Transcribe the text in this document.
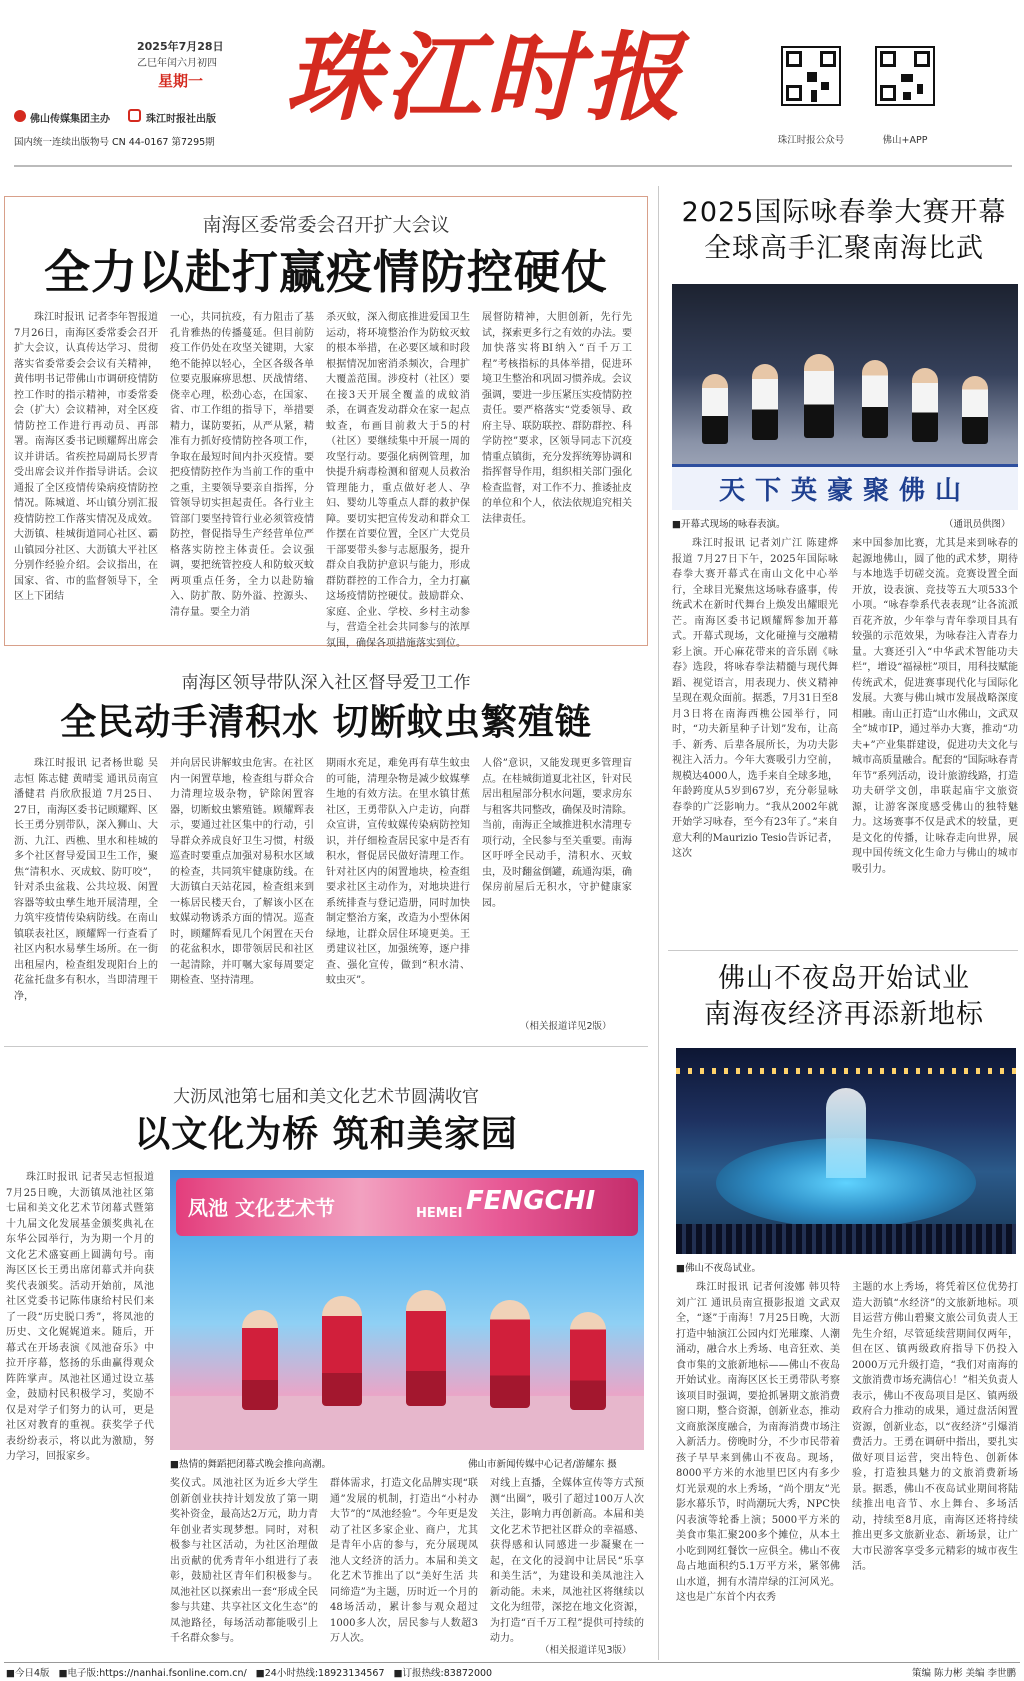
2025年7月28日
乙巳年闰六月初四
星期一
佛山传媒集团主办	珠江时报社出版
国内统一连续出版物号 CN 44-0167 第7295期
珠江时报
珠江时报公众号	佛山+APP
南海区委常委会召开扩大会议
全力以赴打赢疫情防控硬仗

珠江时报讯 记者李年智报道 7月26日，南海区委常委会召开扩大会议，认真传达学习、贯彻落实省委常委会会议有关精神，黄伟明书记带佛山市调研疫情防控工作时的指示精神，市委常委会（扩大）会议精神，对全区疫情防控工作进行再动员、再部署。南海区委书记顾耀辉出席会议并讲话。省疾控局副局长罗青受出席会议并作指导讲话。会议通报了全区疫情传染病疫情防控情况。陈城道、坏山镇分别汇报疫情防控工作落实情况及成效。大沥镇、桂城街道同心社区、霸山镇园分社区、大沥镇大平社区分别作经验介绍。会议指出，在国家、省、市的监督领导下，全区上下团结

一心，共同抗疫，有力阻击了基孔肯雅热的传播蔓延。但目前防疫工作仍处在攻坚关键期，大家绝不能掉以轻心，全区各级各单位要克服麻痹思想、厌战情绪、侥幸心理，松劲心态，在国家、省、市工作组的指导下，举措要精力，谋防要拓，从严从紧，精准有力抓好疫情防控各项工作，争取在最短时间内扑灭疫情。要把疫情防控作为当前工作的重中之重，主要领导要亲自指挥，分管领导切实担起责任。各行业主管部门要坚持管行业必须管疫情防控，督促指导生产经营单位严格落实防控主体责任。会议强调，要把统管控疫人和防蚊灭蚊两项重点任务，全力以赴防输入、防扩散、防外溢、控源头、清存量。要全力消

杀灭蚊，深入彻底推进爱国卫生运动，将环境整治作为防蚊灭蚊的根本举措，在必要区域和时段根据情况加密消杀频次，合理扩大覆盖范围。涉疫村（社区）要在接3天开展全覆盖的成蚊消杀，在调查发动群众在家一起点蚊查，布画目前救大于5的村（社区）要继续集中开展一周的攻坚行动。要强化病例管理，加快提升病毒检测和留观人员救治管理能力，重点做好老人、孕妇、婴幼儿等重点人群的救护保障。要切实把宣传发动和群众工作摆在首要位置，全区广大党员干部要带头参与志愿服务，提升群众自我防护意识与能力，形成群防群控的工作合力，全力打赢这场疫情防控硬仗。鼓励群众、家庭、企业、学校、乡村主动参与，营造全社会共同参与的浓厚氛围，确保各项措施落实到位。

展督防精神，大胆创新，先行先试，探索更多行之有效的办法。要加快落实将BI纳入“百千万工程”考核指标的具体举措，促进环境卫生整治和巩固习惯养成。会议强调，要进一步压紧压实疫情防控责任。要严格落实“党委领导、政府主导、联防联控、群防群控、科学防控”要求，区领导同志下沉疫情重点镇街，充分发挥统筹协调和指挥督导作用，组织相关部门强化检查监督，对工作不力、推诿扯皮的单位和个人，依法依规追究相关法律责任。

南海区领导带队深入社区督导爱卫工作
全民动手清积水 切断蚊虫繁殖链

珠江时报讯 记者杨世聪 吴志恒 陈志健 黄晴雯 通讯员南宣 潘健君 肖欣欣报道 7月25日、27日，南海区委书记顾耀辉、区长王勇分别带队，深入狮山、大沥、九江、西樵、里水和桂城的多个社区督导爱国卫生工作，聚焦“清积水、灭成蚊、防叮咬”，针对杀虫盆栽、公共垃圾、闲置容器等蚊虫孳生地开展清理，全力筑牢疫情传染病防线。在南山镇联表社区，顾耀辉一行查看了社区内积水易孳生场所。在一街出租屋内，检查组发现阳台上的花盆托盘多有积水，当即清理干净，

并向居民讲解蚊虫危害。在社区内一闲置草地，检查组与群众合力清理垃圾杂物，铲除闲置容器，切断蚊虫繁殖链。顾耀辉表示，要通过社区集中的行动，引导群众养成良好卫生习惯，村级巡查时要重点加强对易积水区域的检查，共同筑牢健康防线。在大沥镇白天站花园，检查组来到一栋居民楼天台，了解该小区在蚊媒动物诱杀方面的情况。巡查时，顾耀辉看见几个闲置在天台的花盆积水，即带领居民和社区一起清除，并叮嘱大家每周要定期检查、坚持清理。

期雨水充足，难免再有草生蚊虫的可能，清理杂物是减少蚊媒孳生地的有效方法。在里水镇甘蕉社区，王勇带队入户走访，向群众宣讲，宣传蚊媒传染病防控知识，并仔细检查居民家中是否有积水，督促居民做好清理工作。针对社区内的闲置地块，检查组要求社区主动作为，对地块进行系统排查与登记造册，同时加快制定整治方案，改造为小型休闲绿地，让群众居住环境更美。王勇建议社区，加强统筹，逐户排查、强化宣传，做到“积水清、蚊虫灭”。

人俗”意识，又能发现更多管理盲点。在桂城街道夏北社区，针对民居出租屋部分积水问题，要求房东与租客共同整改，确保及时清除。当前，南海正全域推进积水清理专项行动，全民参与至关重要。南海区吁呼全民动手，清积水、灭蚊虫，及时翻盆倒罐，疏通沟渠，确保房前屋后无积水，守护健康家园。

（相关报道详见2版）
大沥凤池第七届和美文化艺术节圆满收官
以文化为桥 筑和美家园

珠江时报讯 记者吴志恒报道 7月25日晚，大沥镇凤池社区第七届和美文化艺术节闭幕式暨第十九届文化发展基金颁奖典礼在东华公园举行，为为期一个月的文化艺术盛宴画上圆满句号。南海区区长王勇出席闭幕式并向获奖代表颁奖。活动开始前，凤池社区党委书记陈伟康给村民们来了一段“历史脱口秀”，将凤池的历史、文化娓娓道来。随后，开幕式在开场表演《凤池奋乐》中拉开序幕，悠扬的乐曲赢得观众阵阵掌声。凤池社区通过设立基金，鼓励村民积极学习，奖励不仅是对学子们努力的认可，更是社区对教育的重视。获奖学子代表纷纷表示，将以此为激励，努力学习，回报家乡。

凤池 文化艺术节	HEMEI FENGCHI
■热情的舞蹈把闭幕式晚会推向高潮。	佛山市新闻传媒中心记者/游耀东 摄

奖仪式。凤池社区为近乡大学生创新创业扶持计划发放了第一期奖补资金，最高达2万元，助力青年创业者实现梦想。同时，对积极参与社区活动，为社区治理做出贡献的优秀青年小组进行了表彰，鼓励社区青年们积极参与。凤池社区以探索出一套“形成全民参与共建、共享社区文化生态”的凤池路径，每场活动都能吸引上千名群众参与。

群体需求，打造文化品牌实现“联通”发展的机制，打造出“小村办大节”的“凤池经验”。今年更是发动了社区多家企业、商户，尤其是青年小店的参与，充分展现凤池人文经济的活力。本届和美文化艺术节推出了以“美好生活 共同缔造”为主题，历时近一个月的48场活动，累计参与观众超过1000多人次，居民参与人数超3万人次。

对线上直播，全媒体宣传等方式预测“出圈”，吸引了超过100万人次关注，影响力再创新高。本届和美文化艺术节把社区群众的幸福感、获得感和认同感进一步凝聚在一起，在文化的浸润中让居民“乐享和美生活”，为建设和美凤池注入新动能。未来，凤池社区将继续以文化为纽带，深挖在地文化资源，为打造“百千万工程”提供可持续的动力。

（相关报道详见3版）
2025国际咏春拳大赛开幕
全球高手汇聚南海比武
天下英豪聚佛山
■开幕式现场的咏春表演。	（通讯员供图）

珠江时报讯 记者刘广江 陈建烨报道 7月27日下午，2025年国际咏春拳大赛开幕式在南山文化中心举行，全球目光聚焦这场咏春盛事，传统武术在新时代舞台上焕发出耀眼光芒。南海区委书记顾耀辉参加开幕式。开幕式现场，文化碰撞与交融精彩上演。开心麻花带来的音乐剧《咏春》选段，将咏春拳法精髓与现代舞蹈、视觉语言，用表现力、侠义精神呈现在观众面前。据悉，7月31日至8月3日将在南海西樵公园举行，同时，“功夫新星种子计划”发布，让高手、新秀、后辈各展所长，为功夫影视注入活力。今年大赛吸引力空前，规模达4000人，选手来自全球多地，年龄跨度从5岁到67岁，充分彰显咏春拳的广泛影响力。“我从2002年就开始学习咏春，至今有23年了。”来自意大利的Maurizio Tesio告诉记者，这次

来中国参加比赛，尤其是来到咏春的起源地佛山，圆了他的武术梦，期待与本地选手切磋交流。竞赛设置全面开放，设表演、竞技等五大项533个小项。“咏春拳系代表表现”让各流派百花齐放，少年拳与青年拳项目具有较强的示范效果，为咏春注入青春力量。大赛还引入“中华武术智能功夫栏”，增设“福禄桩”项目，用科技赋能传统武术，促进赛事现代化与国际化发展。大赛与佛山城市发展战略深度相融。南山正打造“山水佛山，文武双全”城市IP，通过举办大赛，推动“功夫+”产业集群建设，促进功夫文化与城市高质量融合。配套的“国际咏春青年节”系列活动，设计旅游线路，打造功夫研学文创，串联起庙宇文旅资源，让游客深度感受佛山的独特魅力。这场赛事不仅是武术的较量，更是文化的传播，让咏春走向世界，展现中国传统文化生命力与佛山的城市吸引力。

佛山不夜岛开始试业
南海夜经济再添新地标
■佛山不夜岛试业。

珠江时报讯 记者何浚娜 韩贝特 刘广江 通讯员南宣摄影报道 文武双全，“逐”于南海！7月25日晚，大沥打造中轴演江公园内灯光璀璨、人潮涌动，融合水上秀场、电音狂欢、美食市集的文旅新地标——佛山不夜岛开始试业。南海区区长王勇带队考察该项目时强调，要抢抓暑期文旅消费窗口期，整合资源，创新业态，推动文商旅深度融合，为南海消费市场注入新活力。傍晚时分，不少市民带着孩子早早来到佛山不夜岛。现场，8000平方米的水池里巴区内有多少灯光景观的水上秀场，“尚个朋友”光影水幕乐节，时尚潮玩大秀，NPC快闪表演等轮番上演；5000平方米的美食市集汇聚200多个摊位，从本土小吃到网红餐饮一应俱全。佛山不夜岛占地面积约5.1万平方米，紧邻佛山水道，拥有水清岸绿的江河风光。这也是广东首个内衣秀

主题的水上秀场，将凭着区位优势打造大沥镇“水经济”的文旅新地标。项目运营方佛山碧聚文旅公司负责人王先生介绍，尽管延续营期间仅两年，但在区、镇两级政府指导下仍投入2000万元升级打造，“我们对南海的文旅消费市场充满信心！”相关负责人表示，佛山不夜岛项目是区、镇两级政府合力推动的成果，通过盘活闲置资源，创新业态，以“夜经济”引爆消费活力。王勇在调研中指出，要扎实做好项目运营，突出特色、创新体验，打造独具魅力的文旅消费新场景。据悉，佛山不夜岛试业期间将陆续推出电音节、水上舞台、多场活动，持续至8月底，南海区还将持续推出更多文旅新业态、新场景，让广大市民游客享受多元精彩的城市夜生活。

■今日4版 ■电子版:https://nanhai.fsonline.com.cn/ ■24小时热线:18923134567 ■订报热线:83872000	策编 陈力彬 美编 李世鹏
